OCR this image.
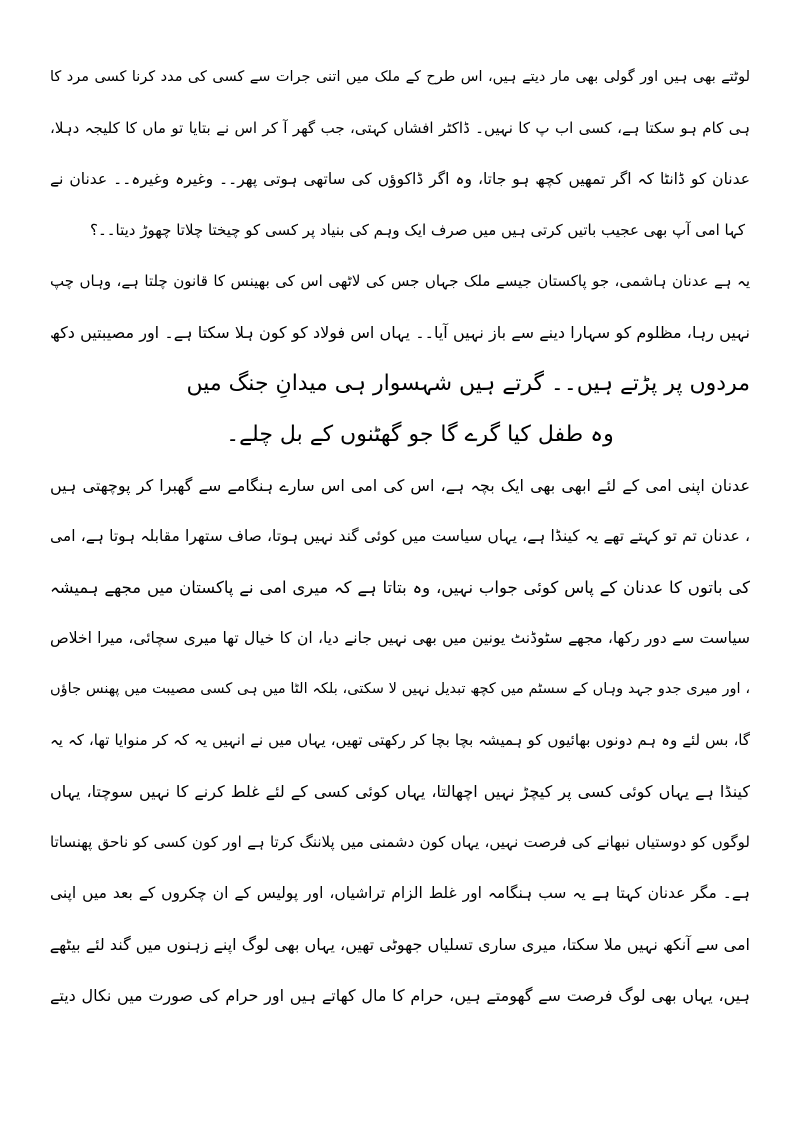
لوٹتے بھی ہیں اور گولی بھی مار دیتے ہیں، اس طرح کے ملک میں اتنی جرات سے کسی کی مدد کرنا کسی مرد کا
ہی کام ہو سکتا ہے، کسی اب پ کا نہیں۔ ڈاکٹر افشاں کہتی، جب گھر آ کر اس نے بتایا تو ماں کا کلیجہ دہلا،
عدنان کو ڈانٹا کہ اگر تمھیں کچھ ہو جاتا، وہ اگر ڈاکوؤں کی ساتھی ہوتی پھر۔۔ وغیرہ وغیرہ۔۔ عدنان نے
کہا امی آپ بھی عجیب باتیں کرتی ہیں میں صرف ایک وہم کی بنیاد پر کسی کو چیختا چلاتا چھوڑ دیتا۔۔؟
یہ ہے عدنان ہاشمی، جو پاکستان جیسے ملک جہاں جس کی لاٹھی اس کی بھینس کا قانون چلتا ہے، وہاں چپ
نہیں رہا، مظلوم کو سہارا دینے سے باز نہیں آیا۔۔ یہاں اس فولاد کو کون ہلا سکتا ہے۔ اور مصیبتیں دکھ
مردوں پر پڑتے ہیں۔۔ گرتے ہیں شہسوار ہی میدانِ جنگ میں
وہ طفل کیا گرے گا جو گھٹنوں کے بل چلے۔
عدنان اپنی امی کے لئے ابھی بھی ایک بچہ ہے، اس کی امی اس سارے ہنگامے سے گھبرا کر پوچھتی ہیں
، عدنان تم تو کہتے تھے یہ کینڈا ہے، یہاں سیاست میں کوئی گند نہیں ہوتا، صاف ستھرا مقابلہ ہوتا ہے، امی
کی باتوں کا عدنان کے پاس کوئی جواب نہیں، وہ بتاتا ہے کہ میری امی نے پاکستان میں مجھے ہمیشہ
سیاست سے دور رکھا، مجھے سٹوڈنٹ یونین میں بھی نہیں جانے دیا، ان کا خیال تھا میری سچائی، میرا اخلاص
، اور میری جدو جہد وہاں کے سسٹم میں کچھ تبدیل نہیں لا سکتی، بلکہ الٹا میں ہی کسی مصیبت میں پھنس جاؤں
گا، بس لئے وہ ہم دونوں بھائیوں کو ہمیشہ بچا بچا کر رکھتی تھیں، یہاں میں نے انہیں یہ کہ کر منوایا تھا، کہ یہ
کینڈا ہے یہاں کوئی کسی پر کیچڑ نہیں اچھالتا، یہاں کوئی کسی کے لئے غلط کرنے کا نہیں سوچتا، یہاں
لوگوں کو دوستیاں نبھانے کی فرصت نہیں، یہاں کون دشمنی میں پلاننگ کرتا ہے اور کون کسی کو ناحق پھنساتا
ہے۔ مگر عدنان کہتا ہے یہ سب ہنگامہ اور غلط الزام تراشیاں، اور پولیس کے ان چکروں کے بعد میں اپنی
امی سے آنکھ نہیں ملا سکتا، میری ساری تسلیاں جھوٹی تھیں، یہاں بھی لوگ اپنے زہنوں میں گند لئے بیٹھے
ہیں، یہاں بھی لوگ فرصت سے گھومتے ہیں، حرام کا مال کھاتے ہیں اور حرام کی صورت میں نکال دیتے
